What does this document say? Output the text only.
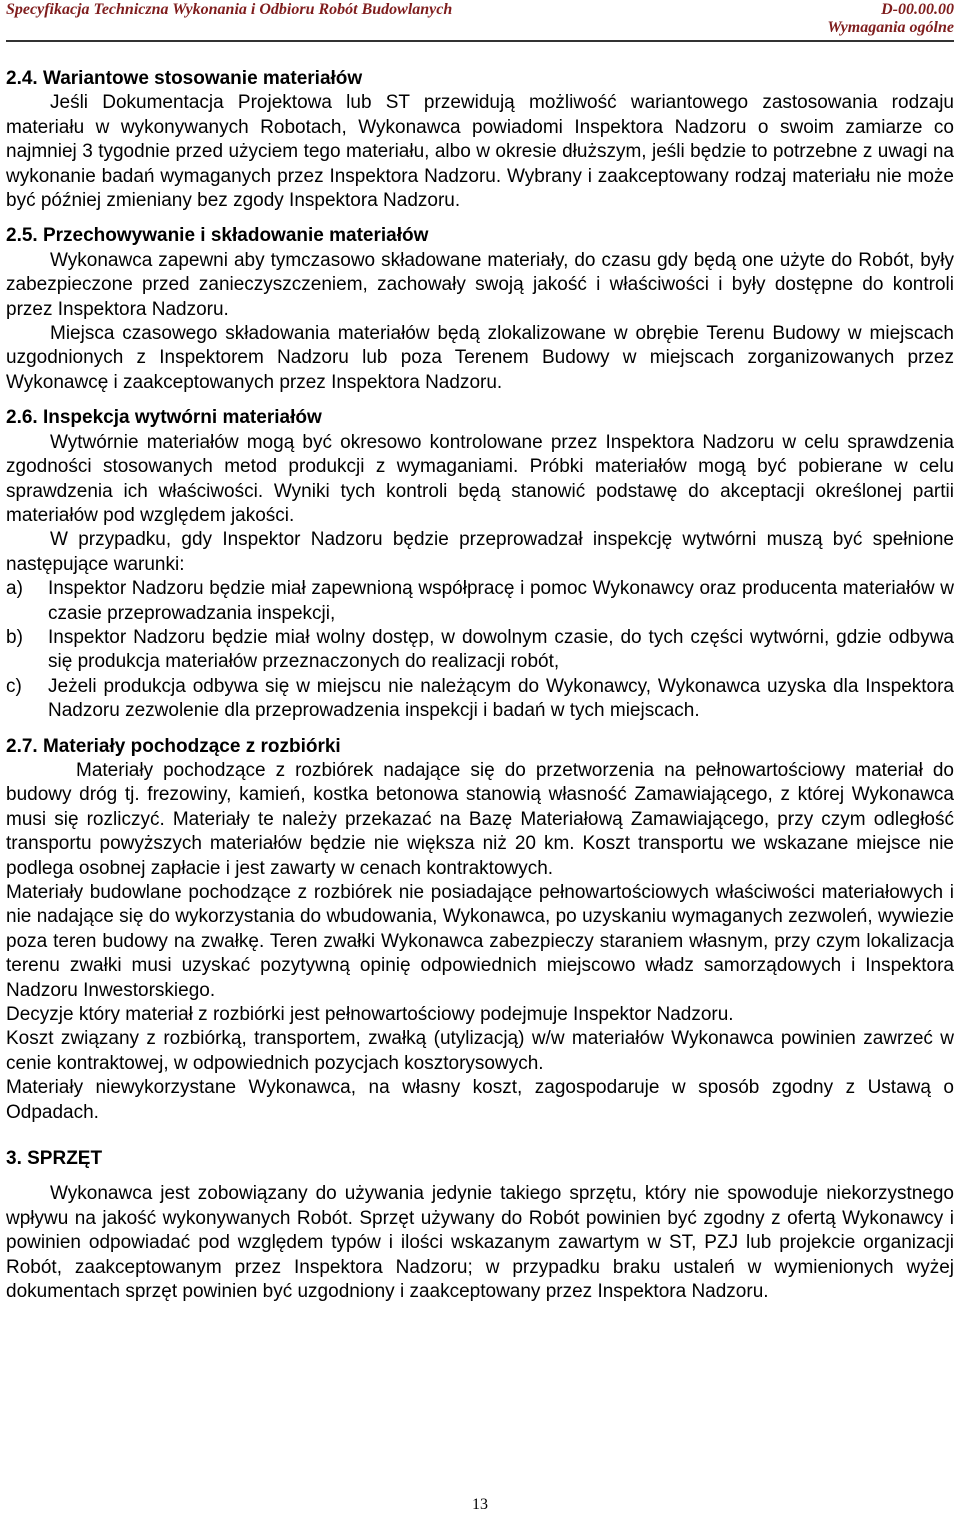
Specyfikacja Techniczna Wykonania i Odbioru Robót Budowlanych	D-00.00.00
Wymagania ogólne

2.4. Wariantowe stosowanie materiałów

Jeśli Dokumentacja Projektowa lub ST przewidują możliwość wariantowego zastosowania rodzaju materiału w wykonywanych Robotach, Wykonawca powiadomi Inspektora Nadzoru o swoim zamiarze co najmniej 3 tygodnie przed użyciem tego materiału, albo w okresie dłuższym, jeśli będzie to potrzebne z uwagi na wykonanie badań wymaganych przez Inspektora Nadzoru. Wybrany i zaakceptowany rodzaj materiału nie może być później zmieniany bez zgody Inspektora Nadzoru.

2.5. Przechowywanie i składowanie materiałów

Wykonawca zapewni aby tymczasowo składowane materiały, do czasu gdy będą one użyte do Robót, były zabezpieczone przed zanieczyszczeniem, zachowały swoją jakość i właściwości i były dostępne do kontroli przez Inspektora Nadzoru.

Miejsca czasowego składowania materiałów będą zlokalizowane w obrębie Terenu Budowy w miejscach uzgodnionych z Inspektorem Nadzoru lub poza Terenem Budowy w miejscach zorganizowanych przez Wykonawcę i zaakceptowanych przez Inspektora Nadzoru.

2.6. Inspekcja wytwórni materiałów

Wytwórnie materiałów mogą być okresowo kontrolowane przez Inspektora Nadzoru w celu sprawdzenia zgodności stosowanych metod produkcji z wymaganiami. Próbki materiałów mogą być pobierane w celu sprawdzenia ich właściwości. Wyniki tych kontroli będą stanowić podstawę do akceptacji określonej partii materiałów pod względem jakości.

W przypadku, gdy Inspektor Nadzoru będzie przeprowadzał inspekcję wytwórni muszą być spełnione następujące warunki:

a) Inspektor Nadzoru będzie miał zapewnioną współpracę i pomoc Wykonawcy oraz producenta materiałów w czasie przeprowadzania inspekcji,
b) Inspektor Nadzoru będzie miał wolny dostęp, w dowolnym czasie, do tych części wytwórni, gdzie odbywa się produkcja materiałów przeznaczonych do realizacji robót,
c) Jeżeli produkcja odbywa się w miejscu nie należącym do Wykonawcy, Wykonawca uzyska dla Inspektora Nadzoru zezwolenie dla przeprowadzenia inspekcji i badań w tych miejscach.

2.7. Materiały pochodzące z rozbiórki

Materiały pochodzące z rozbiórek nadające się do przetworzenia na pełnowartościowy materiał do budowy dróg tj. frezowiny, kamień, kostka betonowa stanowią własność Zamawiającego, z której Wykonawca musi się rozliczyć. Materiały te należy przekazać na Bazę Materiałową Zamawiającego, przy czym odległość transportu powyższych materiałów będzie nie większa niż 20 km. Koszt transportu we wskazane miejsce nie podlega osobnej zapłacie i jest zawarty w cenach kontraktowych.

Materiały budowlane pochodzące z rozbiórek nie posiadające pełnowartościowych właściwości materiałowych i nie nadające się do wykorzystania do wbudowania, Wykonawca, po uzyskaniu wymaganych zezwoleń, wywiezie poza teren budowy na zwałkę. Teren zwałki Wykonawca zabezpieczy staraniem własnym, przy czym lokalizacja terenu zwałki musi uzyskać pozytywną opinię odpowiednich miejscowo władz samorządowych i Inspektora Nadzoru Inwestorskiego.

Decyzje który materiał z rozbiórki jest pełnowartościowy podejmuje Inspektor Nadzoru.

Koszt związany z rozbiórką, transportem, zwałką (utylizacją) w/w materiałów Wykonawca powinien zawrzeć w cenie kontraktowej, w odpowiednich pozycjach kosztorysowych.

Materiały niewykorzystane Wykonawca, na własny koszt, zagospodaruje w sposób zgodny z Ustawą o Odpadach.

3. SPRZĘT

Wykonawca jest zobowiązany do używania jedynie takiego sprzętu, który nie spowoduje niekorzystnego wpływu na jakość wykonywanych Robót. Sprzęt używany do Robót powinien być zgodny z ofertą Wykonawcy i powinien odpowiadać pod względem typów i ilości wskazanym zawartym w ST, PZJ lub projekcie organizacji Robót, zaakceptowanym przez Inspektora Nadzoru; w przypadku braku ustaleń w wymienionych wyżej dokumentach sprzęt powinien być uzgodniony i zaakceptowany przez Inspektora Nadzoru.

13
